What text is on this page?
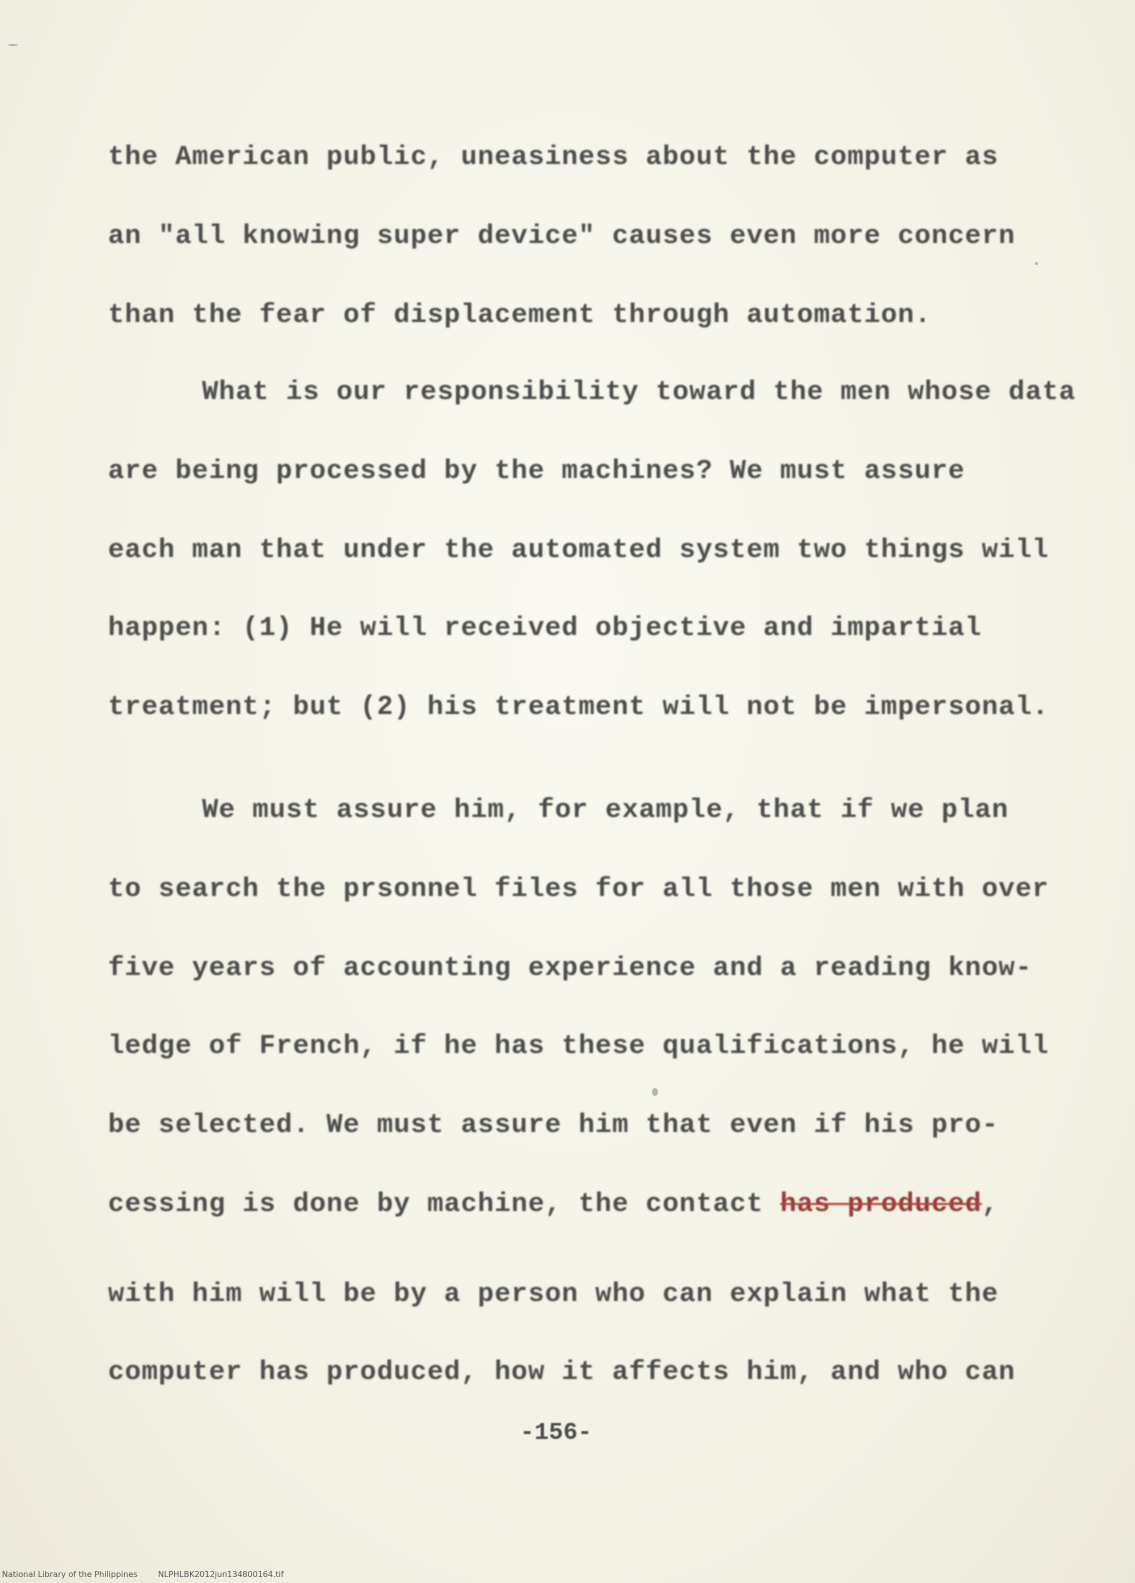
the American public, uneasiness about the computer as
an "all knowing super device" causes even more concern
than the fear of displacement through automation.
What is our responsibility toward the men whose data
are being processed by the machines? We must assure
each man that under the automated system two things will
happen: (1) He will received objective and impartial
treatment; but (2) his treatment will not be impersonal.
We must assure him, for example, that if we plan
to search the prsonnel files for all those men with over
five years of accounting experience and a reading know-
ledge of French, if he has these qualifications, he will
be selected. We must assure him that even if his pro-
cessing is done by machine, the contact has produced,
with him will be by a person who can explain what the
computer has produced, how it affects him, and who can
-156-
National Library of the Philippines	NLPHLBK2012jun134800164.tif
